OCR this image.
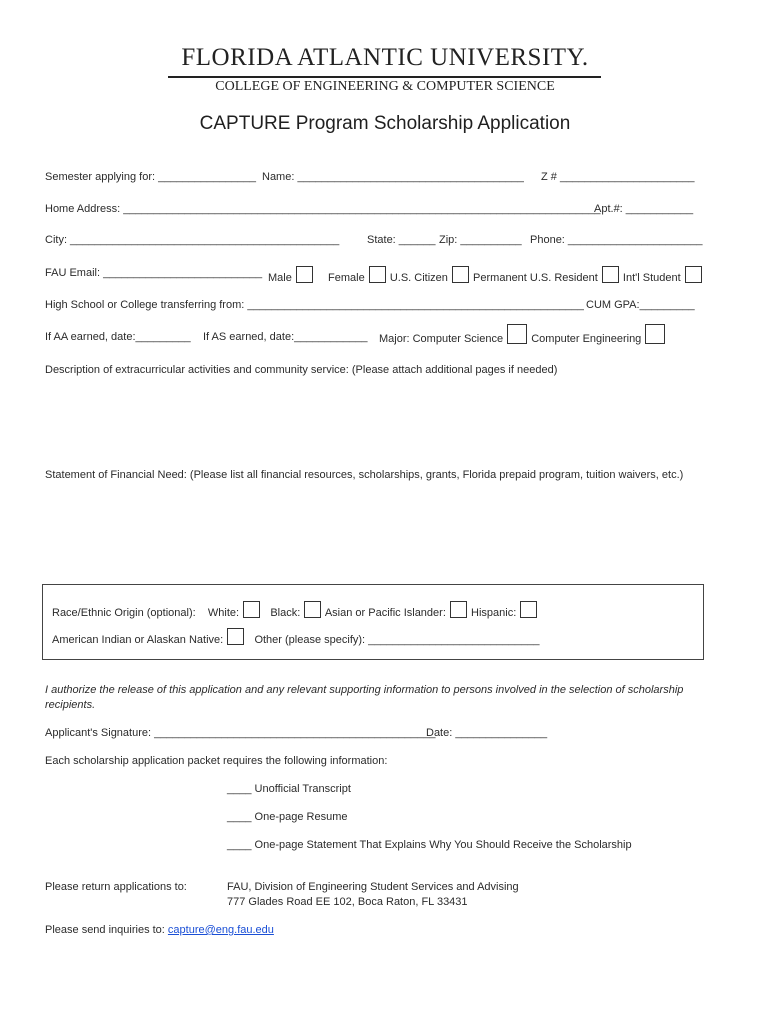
FLORIDA ATLANTIC UNIVERSITY.
COLLEGE OF ENGINEERING & COMPUTER SCIENCE
CAPTURE Program Scholarship Application
Semester applying for: ________________ Name: _____________________________________ Z # ______________________
Home Address: ______________________________________________________________________________
Apt.#: ___________
City: ____________________________________________	State: ______ Zip: __________ Phone: ______________________
FAU Email: __________________________ Male	Female U.S. Citizen Permanent U.S. Resident Int'l Student
High School or College transferring from: _______________________________________________________ CUM GPA:_________
If AA earned, date:_________ If AS earned, date:____________ Major: Computer Science	Computer Engineering
Description of extracurricular activities and community service: (Please attach additional pages if needed)
Statement of Financial Need: (Please list all financial resources, scholarships, grants, Florida prepaid program, tuition waivers, etc.)
Race/Ethnic Origin (optional): White:	Black: Asian or Pacific Islander: Hispanic:
American Indian or Alaskan Native:	Other (please specify): ____________________________
I authorize the release of this application and any relevant supporting information to persons involved in the selection of scholarship
recipients.
Applicant's Signature: ______________________________________________
Date: _______________
Each scholarship application packet requires the following information:
____ Unofficial Transcript
____ One-page Resume
____ One-page Statement That Explains Why You Should Receive the Scholarship
Please return applications to:	FAU, Division of Engineering Student Services and Advising
777 Glades Road EE 102, Boca Raton, FL 33431
Please send inquiries to: capture@eng.fau.edu
